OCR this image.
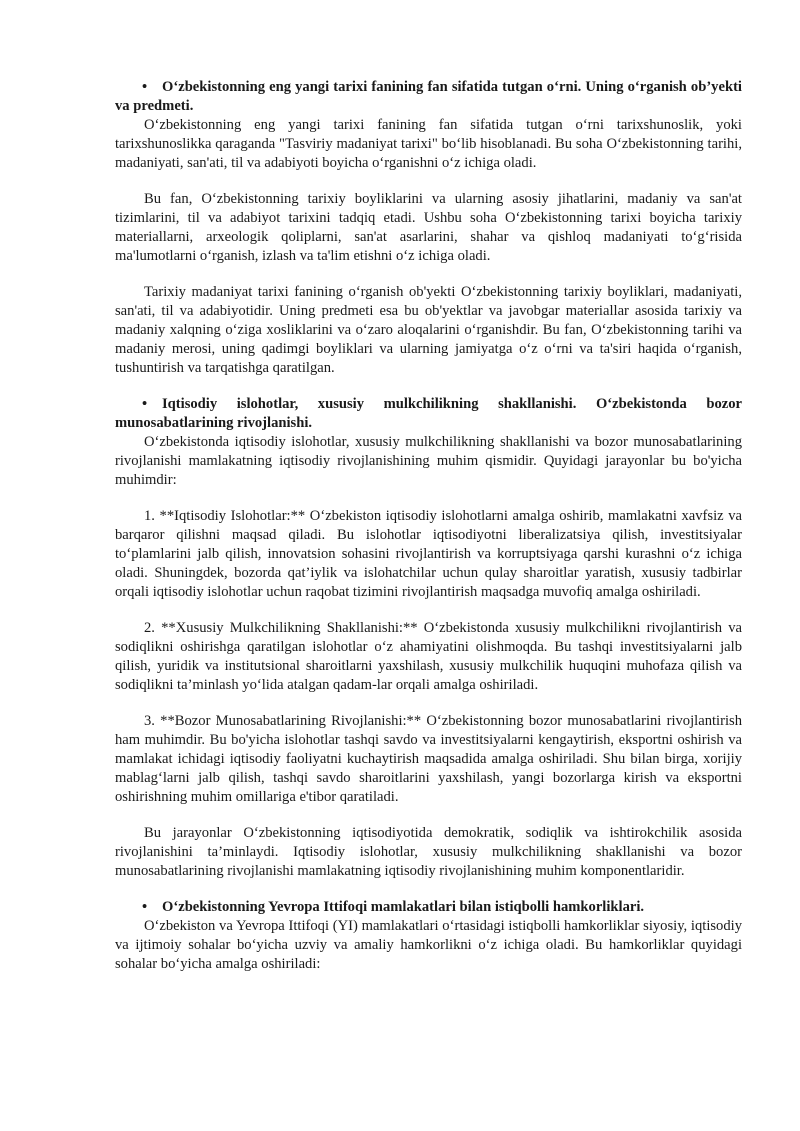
• O‘zbekistonning eng yangi tarixi fanining fan sifatida tutgan o‘rni. Uning o‘rganish ob’yekti va predmeti.

O‘zbekistonning eng yangi tarixi fanining fan sifatida tutgan o‘rni tarixshunoslik, yoki tarixshunoslikka qaraganda "Tasviriy madaniyat tarixi" bo‘lib hisoblanadi. Bu soha O‘zbekistonning tarihi, madaniyati, san'ati, til va adabiyoti boyicha o‘rganishni o‘z ichiga oladi.

Bu fan, O‘zbekistonning tarixiy boyliklarini va ularning asosiy jihatlarini, madaniy va san'at tizimlarini, til va adabiyot tarixini tadqiq etadi. Ushbu soha O‘zbekistonning tarixi boyicha tarixiy materiallarni, arxeologik qoliplarni, san'at asarlarini, shahar va qishloq madaniyati to‘g‘risida ma'lumotlarni o‘rganish, izlash va ta'lim etishni o‘z ichiga oladi.

Tarixiy madaniyat tarixi fanining o‘rganish ob'yekti O‘zbekistonning tarixiy boyliklari, madaniyati, san'ati, til va adabiyotidir. Uning predmeti esa bu ob'yektlar va javobgar materiallar asosida tarixiy va madaniy xalqning o‘ziga xosliklarini va o‘zaro aloqalarini o‘rganishdir. Bu fan, O‘zbekistonning tarihi va madaniy merosi, uning qadimgi boyliklari va ularning jamiyatga o‘z o‘rni va ta'siri haqida o‘rganish, tushuntirish va tarqatishga qaratilgan.

• Iqtisodiy islohotlar, xususiy mulkchilikning shakllanishi. O‘zbekistonda bozor munosabatlarining rivojlanishi.

O‘zbekistonda iqtisodiy islohotlar, xususiy mulkchilikning shakllanishi va bozor munosabatlarining rivojlanishi mamlakatning iqtisodiy rivojlanishining muhim qismidir. Quyidagi jarayonlar bu bo'yicha muhimdir:

1. **Iqtisodiy Islohotlar:** O‘zbekiston iqtisodiy islohotlarni amalga oshirib, mamlakatni xavfsiz va barqaror qilishni maqsad qiladi. Bu islohotlar iqtisodiyotni liberalizatsiya qilish, investitsiyalar to‘plamlarini jalb qilish, innovatsion sohasini rivojlantirish va korruptsiyaga qarshi kurashni o‘z ichiga oladi. Shuningdek, bozorda qat’iylik va islohatchilar uchun qulay sharoitlar yaratish, xususiy tadbirlar orqali iqtisodiy islohotlar uchun raqobat tizimini rivojlantirish maqsadga muvofiq amalga oshiriladi.

2. **Xususiy Mulkchilikning Shakllanishi:** O‘zbekistonda xususiy mulkchilikni rivojlantirish va sodiqlikni oshirishga qaratilgan islohotlar o‘z ahamiyatini olishmoqda. Bu tashqi investitsiyalarni jalb qilish, yuridik va institutsional sharoitlarni yaxshilash, xususiy mulkchilik huquqini muhofaza qilish va sodiqlikni ta’minlash yo‘lida atalgan qadam-lar orqali amalga oshiriladi.

3. **Bozor Munosabatlarining Rivojlanishi:** O‘zbekistonning bozor munosabatlarini rivojlantirish ham muhimdir. Bu bo'yicha islohotlar tashqi savdo va investitsiyalarni kengaytirish, eksportni oshirish va mamlakat ichidagi iqtisodiy faoliyatni kuchaytirish maqsadida amalga oshiriladi. Shu bilan birga, xorijiy mablag‘larni jalb qilish, tashqi savdo sharoitlarini yaxshilash, yangi bozorlarga kirish va eksportni oshirishning muhim omillariga e'tibor qaratiladi.

Bu jarayonlar O‘zbekistonning iqtisodiyotida demokratik, sodiqlik va ishtirokchilik asosida rivojlanishini ta’minlaydi. Iqtisodiy islohotlar, xususiy mulkchilikning shakllanishi va bozor munosabatlarining rivojlanishi mamlakatning iqtisodiy rivojlanishining muhim komponentlaridir.

• O‘zbekistonning Yevropa Ittifoqi mamlakatlari bilan istiqbolli hamkorliklari.

O‘zbekiston va Yevropa Ittifoqi (YI) mamlakatlari o‘rtasidagi istiqbolli hamkorliklar siyosiy, iqtisodiy va ijtimoiy sohalar bo‘yicha uzviy va amaliy hamkorlikni o‘z ichiga oladi. Bu hamkorliklar quyidagi sohalar bo‘yicha amalga oshiriladi:
